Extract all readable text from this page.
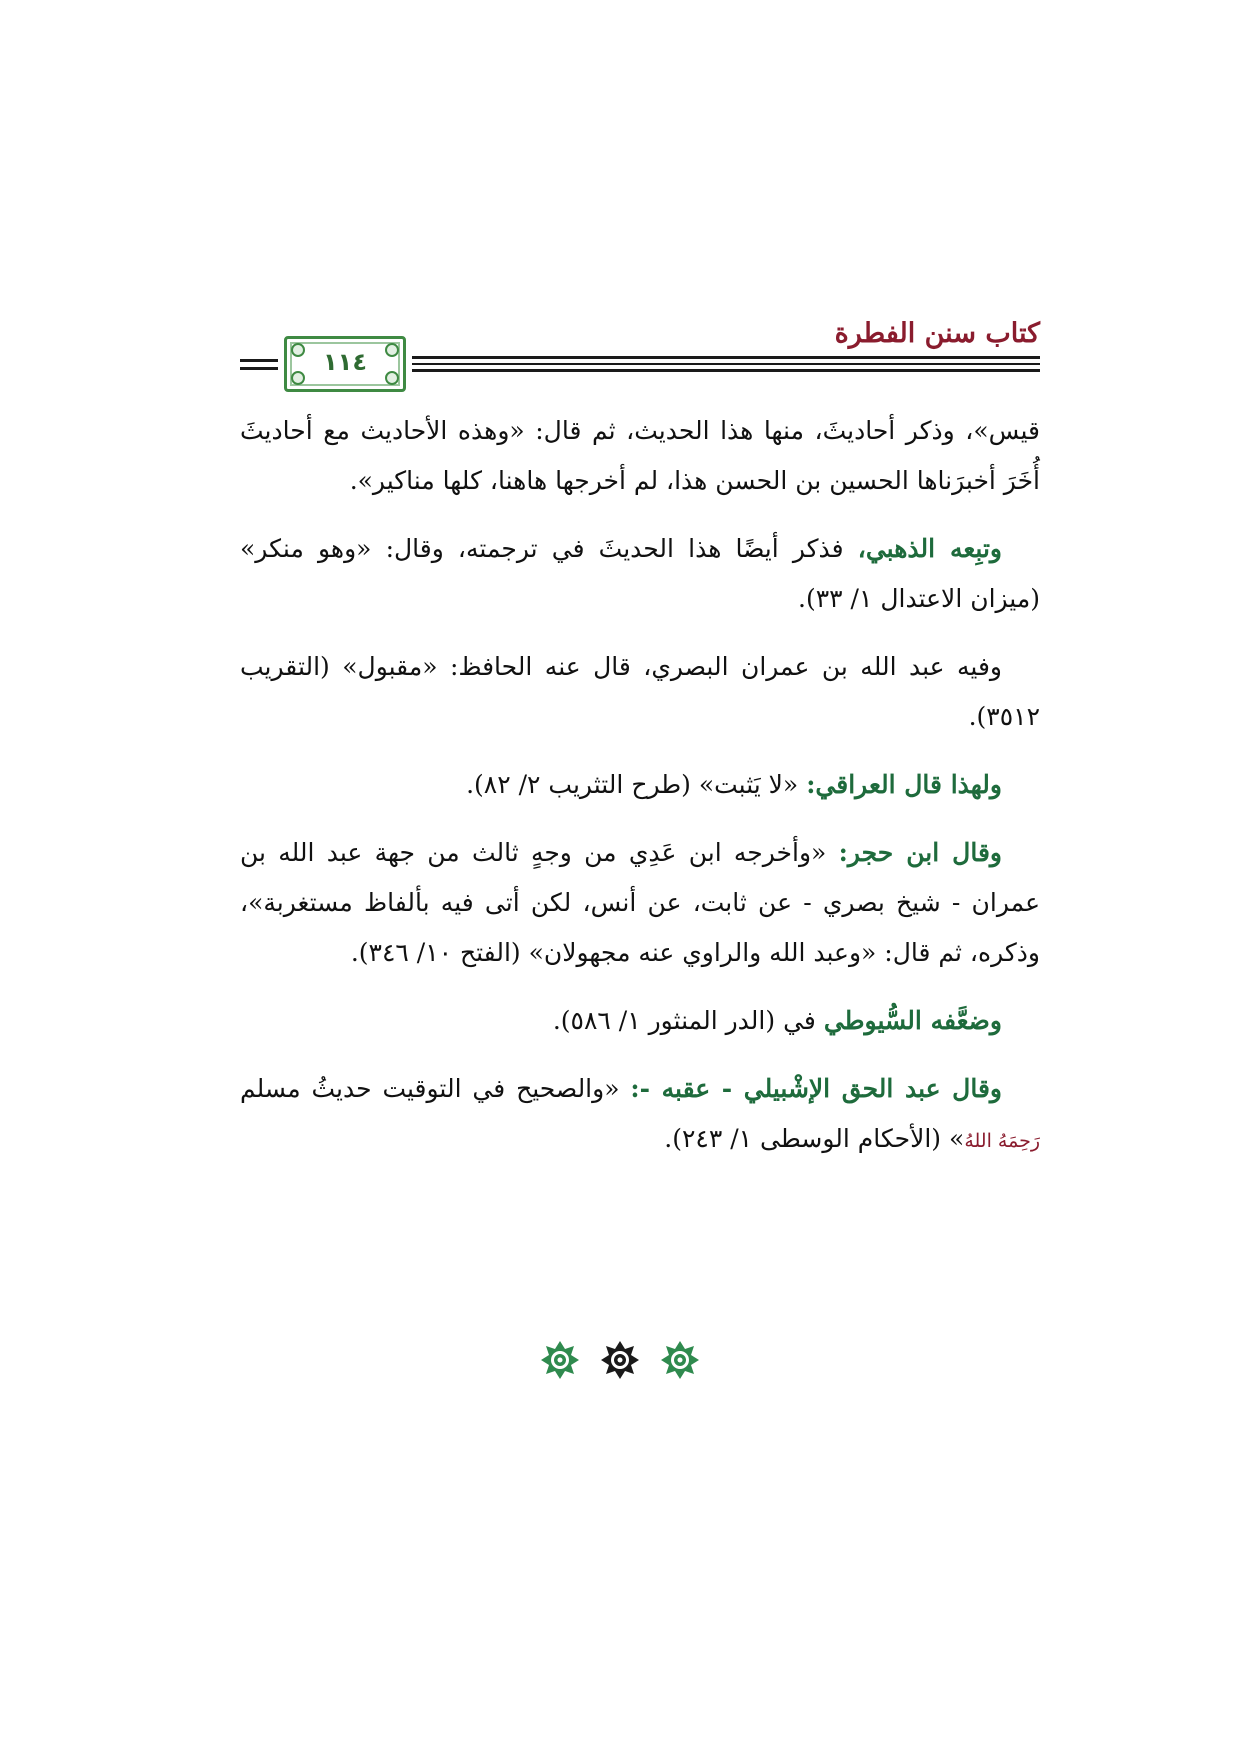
كتاب سنن الفطرة
١١٤

قيس»، وذكر أحاديثَ، منها هذا الحديث، ثم قال: «وهذه الأحاديث مع أحاديثَ أُخَرَ أخبرَناها الحسين بن الحسن هذا، لم أخرجها هاهنا، كلها مناكير».

وتبِعه الذهبي، فذكر أيضًا هذا الحديثَ في ترجمته، وقال: «وهو منكر» (ميزان الاعتدال ١/ ٣٣).

وفيه عبد الله بن عمران البصري، قال عنه الحافظ: «مقبول» (التقريب ٣٥١٢).

ولهذا قال العراقي: «لا يَثبت» (طرح التثريب ٢/ ٨٢).

وقال ابن حجر: «وأخرجه ابن عَدِي من وجهٍ ثالث من جهة عبد الله بن عمران - شيخ بصري - عن ثابت، عن أنس، لكن أتى فيه بألفاظ مستغربة»، وذكره، ثم قال: «وعبد الله والراوي عنه مجهولان» (الفتح ١٠/ ٣٤٦).

وضعَّفه السُّيوطي في (الدر المنثور ١/ ٥٨٦).

وقال عبد الحق الإشْبيلي - عقبه -: «والصحيح في التوقيت حديثُ مسلم رَحِمَهُ اللهُ» (الأحكام الوسطى ١/ ٢٤٣).
